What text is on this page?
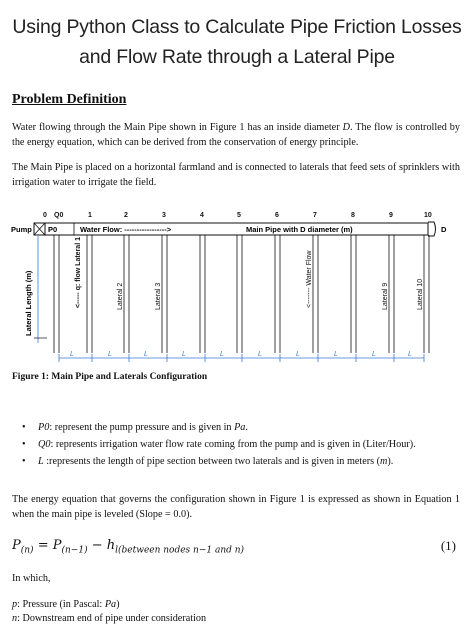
Using Python Class to Calculate Pipe Friction Losses
and Flow Rate through a Lateral Pipe
Problem Definition
Water flowing through the Main Pipe shown in Figure 1 has an inside diameter D. The flow is controlled by the energy equation, which can be derived from the conservation of energy principle.
The Main Pipe is placed on a horizontal farmland and is connected to laterals that feed sets of sprinklers with irrigation water to irrigate the field.
0	1	2	3	4	5	6	7	8	9	10
Q0
Pump P0	Water Flow: ----------------->	Main Pipe with D diameter (m)	D
Lateral Length (m)	<----- q: flow Lateral 1	Lateral 2	Lateral 3	<------- Water Flow	Lateral 9	Lateral 10
L	L	L	L	L	L	L	L	L	L
Figure 1: Main Pipe and Laterals Configuration
• P0: represent the pump pressure and is given in Pa.
• Q0: represents irrigation water flow rate coming from the pump and is given in (Liter/Hour).
• L :represents the length of pipe section between two laterals and is given in meters (m).
The energy equation that governs the configuration shown in Figure 1 is expressed as shown in Equation 1 when the main pipe is leveled (Slope = 0.0).
$P_{(n)} = P_{(n-1)} - h_{l(between nodes n-1 and n)}$	(1)
In which,
p: Pressure (in Pascal: Pa)
n: Downstream end of pipe under consideration
